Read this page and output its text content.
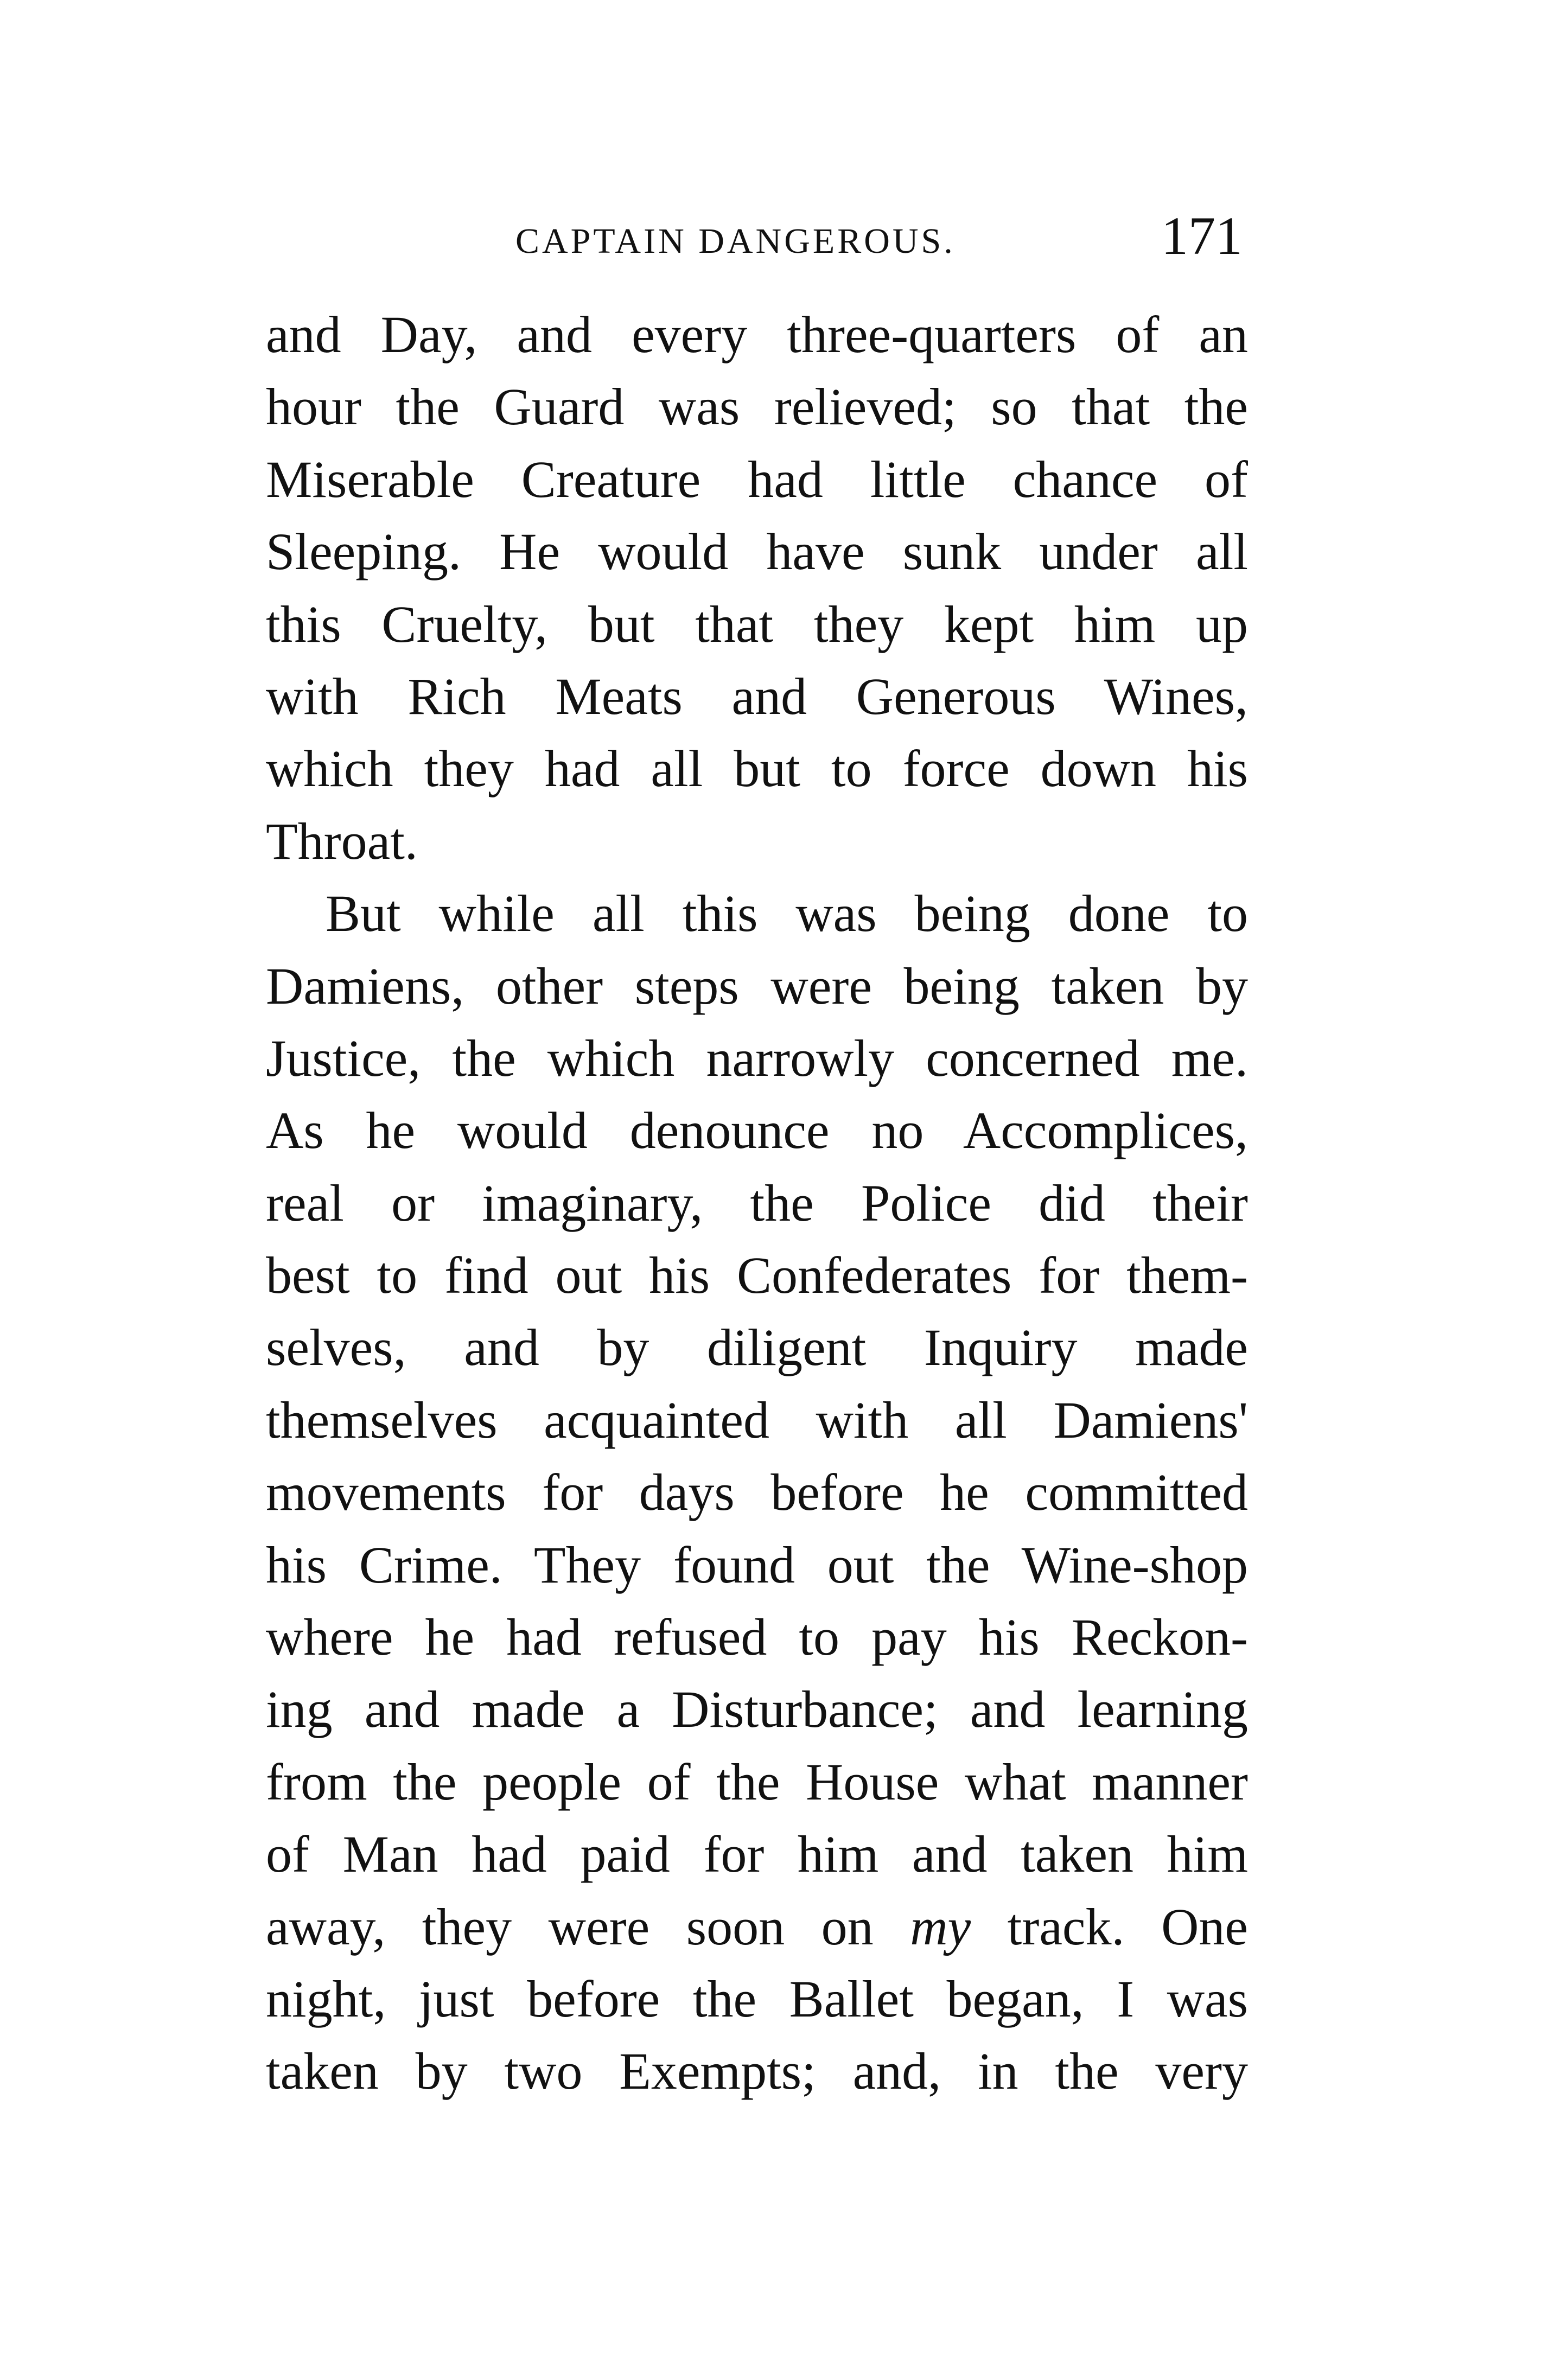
CAPTAIN DANGEROUS.	171
and Day, and every three-quarters of an
hour the Guard was relieved; so that the
Miserable Creature had little chance of
Sleeping. He would have sunk under all
this Cruelty, but that they kept him up
with Rich Meats and Generous Wines,
which they had all but to force down his
Throat.
But while all this was being done to
Damiens, other steps were being taken by
Justice, the which narrowly concerned me.
As he would denounce no Accomplices,
real or imaginary, the Police did their
best to find out his Confederates for them-
selves, and by diligent Inquiry made
themselves acquainted with all Damiens'
movements for days before he committed
his Crime. They found out the Wine-shop
where he had refused to pay his Reckon-
ing and made a Disturbance; and learning
from the people of the House what manner
of Man had paid for him and taken him
away, they were soon on my track. One
night, just before the Ballet began, I was
taken by two Exempts; and, in the very
